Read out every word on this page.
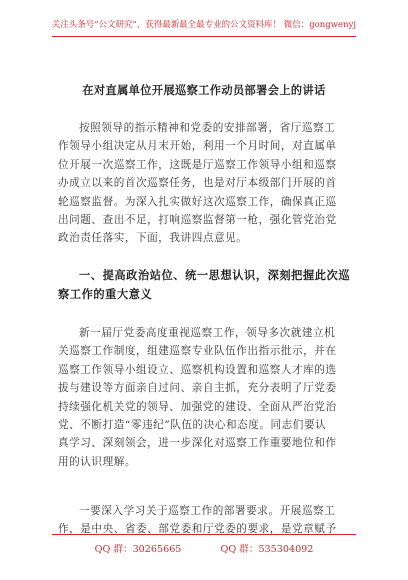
关注头条号“公文研究”，获得最新最全最专业的公文资料库！ 微信：gongwenyj
在对直属单位开展巡察工作动员部署会上的讲话

按照领导的指示精神和党委的安排部署，省厅巡察工
作领导小组决定从月末开始，利用一个月时间，对直属单
位开展一次巡察工作，这既是厅巡察工作领导小组和巡察
办成立以来的首次巡察任务，也是对厅本级部门开展的首
轮巡察监督。为深入扎实做好这次巡察工作，确保真正巡
出问题、查出不足，打响巡察监督第一枪，强化管党治党
政治责任落实，下面，我讲四点意见。

一、提高政治站位、统一思想认识，深刻把握此次巡
察工作的重大意义

新一届厅党委高度重视巡察工作，领导多次就建立机
关巡察工作制度，组建巡察专业队伍作出指示批示，并在
巡察工作领导小组设立、巡察机构设置和巡察人才库的选
拔与建设等方面亲自过问、亲自主抓，充分表明了厅党委
持续强化机关党的领导、加强党的建设、全面从严治党治
党、不断打造“零违纪”队伍的决心和态度。同志们要认
真学习、深刻领会，进一步深化对巡察工作重要地位和作
用的认识理解。

一要深入学习关于巡察工作的部署要求。开展巡察工
作，是中央、省委、部党委和厅党委的要求，是党章赋予

QQ 群：30265665	QQ 群：535304092
